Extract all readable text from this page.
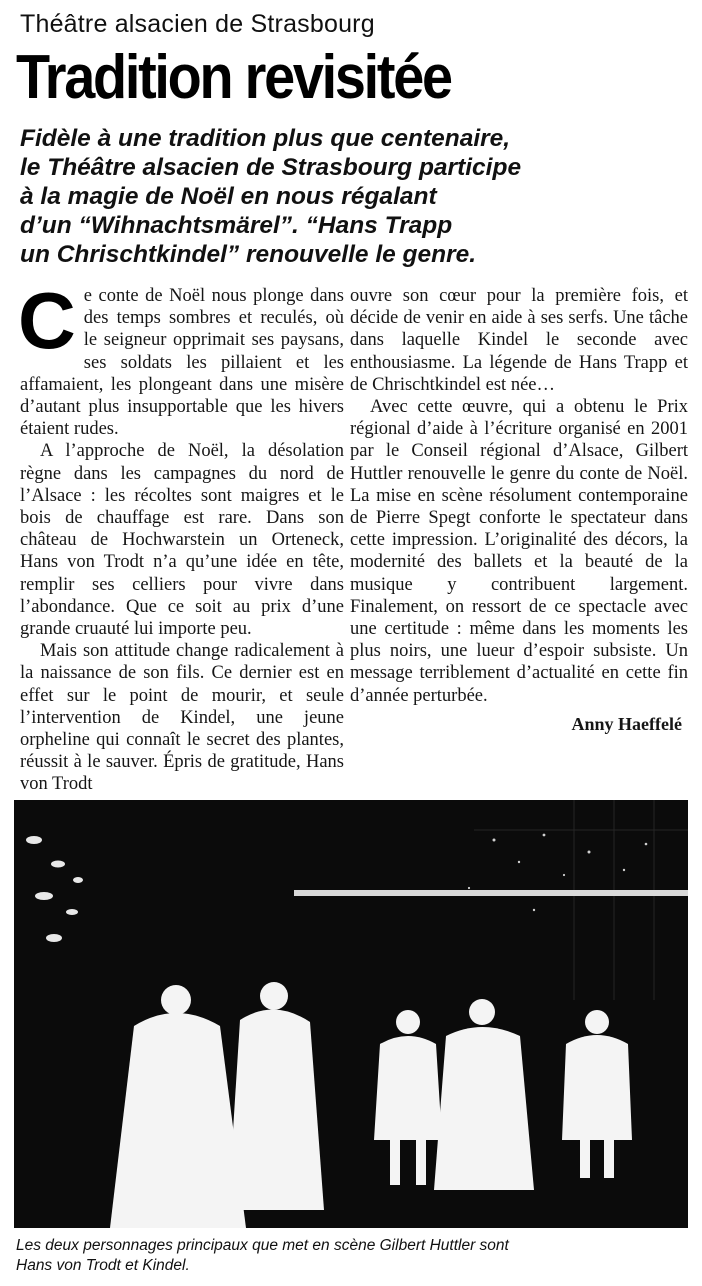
Théâtre alsacien de Strasbourg
Tradition revisitée
Fidèle à une tradition plus que centenaire,
le Théâtre alsacien de Strasbourg participe
à la magie de Noël en nous régalant
d’un “Wihnachtsmärel”. “Hans Trapp
un Chrischtkindel” renouvelle le genre.

Ce conte de Noël nous plonge dans des temps sombres et reculés, où le seigneur opprimait ses paysans, ses soldats les pillaient et les affamaient, les plongeant dans une misère d’autant plus insupportable que les hivers étaient rudes.

A l’approche de Noël, la désolation règne dans les campagnes du nord de l’Alsace : les récoltes sont maigres et le bois de chauffage est rare. Dans son château de Hochwarstein un Orteneck, Hans von Trodt n’a qu’une idée en tête, remplir ses celliers pour vivre dans l’abondance. Que ce soit au prix d’une grande cruauté lui importe peu.

Mais son attitude change radicalement à la naissance de son fils. Ce dernier est en effet sur le point de mourir, et seule l’intervention de Kindel, une jeune orpheline qui connaît le secret des plantes, réussit à le sauver. Épris de gratitude, Hans von Trodt

ouvre son cœur pour la première fois, et décide de venir en aide à ses serfs. Une tâche dans laquelle Kindel le seconde avec enthousiasme. La légende de Hans Trapp et de Chrischtkindel est née…

Avec cette œuvre, qui a obtenu le Prix régional d’aide à l’écriture organisé en 2001 par le Conseil régional d’Alsace, Gilbert Huttler renouvelle le genre du conte de Noël. La mise en scène résolument contemporaine de Pierre Spegt conforte le spectateur dans cette impression. L’originalité des décors, la modernité des ballets et la beauté de la musique y contribuent largement. Finalement, on ressort de ce spectacle avec une certitude : même dans les moments les plus noirs, une lueur d’espoir subsiste. Un message terriblement d’actualité en cette fin d’année perturbée.

Anny Haeffelé
Les deux personnages principaux que met en scène Gilbert Huttler sont
Hans von Trodt et Kindel.
